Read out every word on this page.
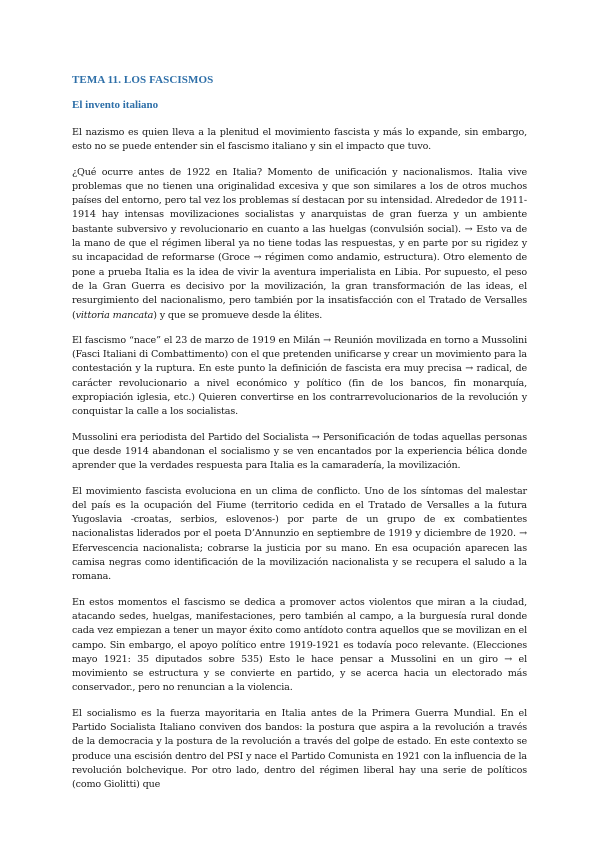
TEMA 11. LOS FASCISMOS
El invento italiano

El nazismo es quien lleva a la plenitud el movimiento fascista y más lo expande, sin embargo, esto no se puede entender sin el fascismo italiano y sin el impacto que tuvo.

¿Qué ocurre antes de 1922 en Italia? Momento de unificación y nacionalismos. Italia vive problemas que no tienen una originalidad excesiva y que son similares a los de otros muchos países del entorno, pero tal vez los problemas sí destacan por su intensidad. Alrededor de 1911-1914 hay intensas movilizaciones socialistas y anarquistas de gran fuerza y un ambiente bastante subversivo y revolucionario en cuanto a las huelgas (convulsión social). → Esto va de la mano de que el régimen liberal ya no tiene todas las respuestas, y en parte por su rigidez y su incapacidad de reformarse (Groce → régimen como andamio, estructura). Otro elemento de pone a prueba Italia es la idea de vivir la aventura imperialista en Libia. Por supuesto, el peso de la Gran Guerra es decisivo por la movilización, la gran transformación de las ideas, el resurgimiento del nacionalismo, pero también por la insatisfacción con el Tratado de Versalles (vittoria mancata) y que se promueve desde la élites.

El fascismo “nace” el 23 de marzo de 1919 en Milán → Reunión movilizada en torno a Mussolini (Fasci Italiani di Combattimento) con el que pretenden unificarse y crear un movimiento para la contestación y la ruptura. En este punto la definición de fascista era muy precisa → radical, de carácter revolucionario a nivel económico y político (fin de los bancos, fin monarquía, expropiación iglesia, etc.) Quieren convertirse en los contrarrevolucionarios de la revolución y conquistar la calle a los socialistas.

Mussolini era periodista del Partido del Socialista → Personificación de todas aquellas personas que desde 1914 abandonan el socialismo y se ven encantados por la experiencia bélica donde aprender que la verdades respuesta para Italia es la camaradería, la movilización.

El movimiento fascista evoluciona en un clima de conflicto. Uno de los síntomas del malestar del país es la ocupación del Fiume (territorio cedida en el Tratado de Versalles a la futura Yugoslavia -croatas, serbios, eslovenos-) por parte de un grupo de ex combatientes nacionalistas liderados por el poeta D’Annunzio en septiembre de 1919 y diciembre de 1920. → Efervescencia nacionalista; cobrarse la justicia por su mano. En esa ocupación aparecen las camisa negras como identificación de la movilización nacionalista y se recupera el saludo a la romana.

En estos momentos el fascismo se dedica a promover actos violentos que miran a la ciudad, atacando sedes, huelgas, manifestaciones, pero también al campo, a la burguesía rural donde cada vez empiezan a tener un mayor éxito como antídoto contra aquellos que se movilizan en el campo. Sin embargo, el apoyo político entre 1919-1921 es todavía poco relevante. (Elecciones mayo 1921: 35 diputados sobre 535) Esto le hace pensar a Mussolini en un giro → el movimiento se estructura y se convierte en partido, y se acerca hacia un electorado más conservador., pero no renuncian a la violencia.

El socialismo es la fuerza mayoritaria en Italia antes de la Primera Guerra Mundial. En el Partido Socialista Italiano conviven dos bandos: la postura que aspira a la revolución a través de la democracia y la postura de la revolución a través del golpe de estado. En este contexto se produce una escisión dentro del PSI y nace el Partido Comunista en 1921 con la influencia de la revolución bolchevique. Por otro lado, dentro del régimen liberal hay una serie de políticos (como Giolitti) que
